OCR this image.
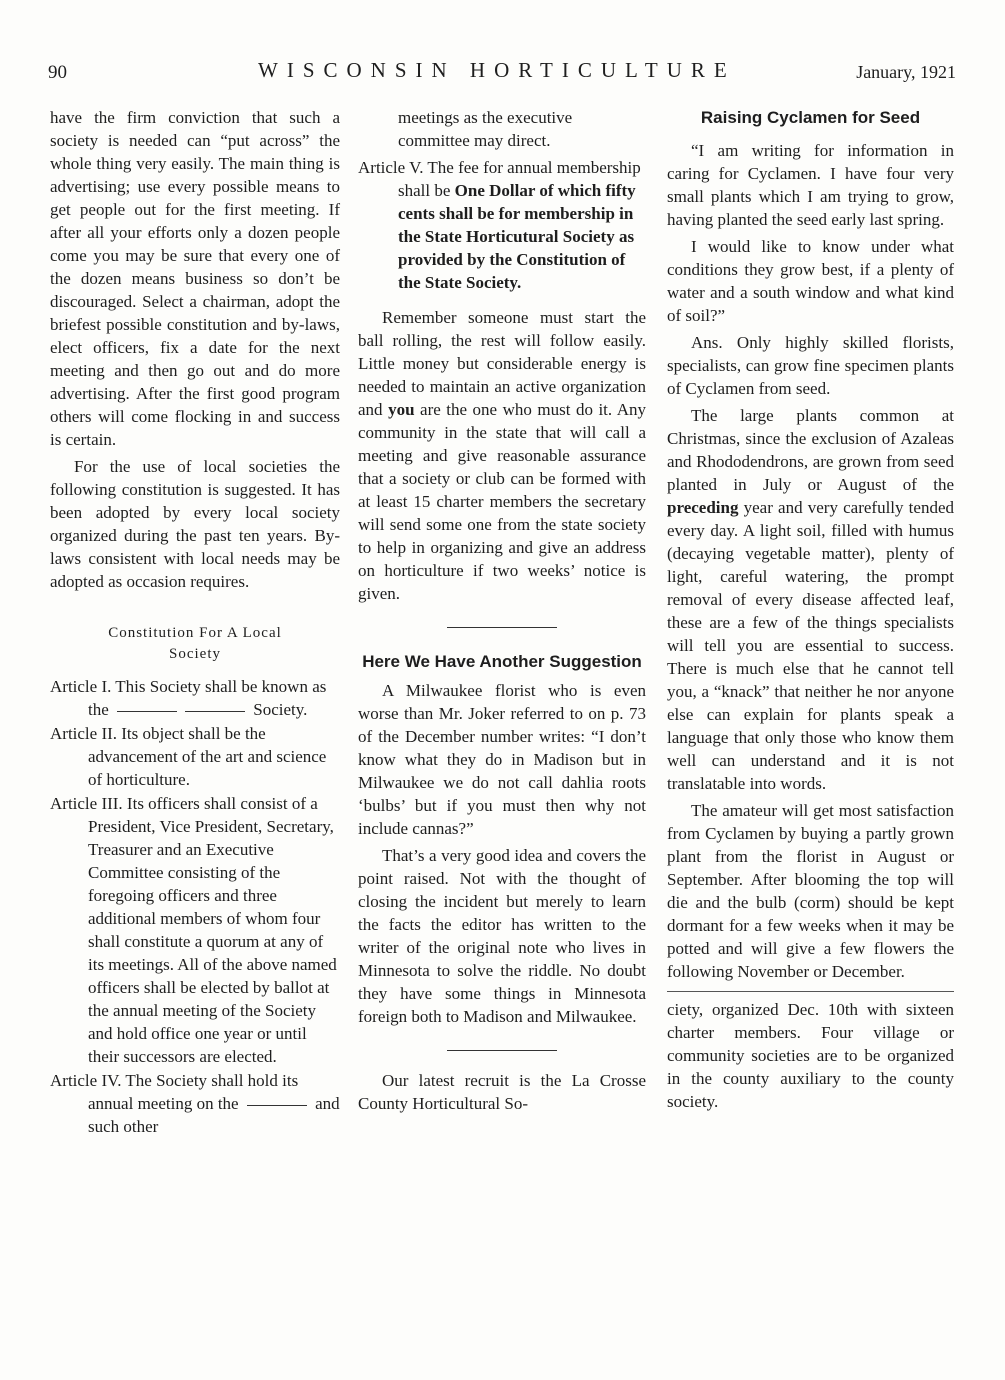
90	WISCONSIN HORTICULTURE	January, 1921

have the firm conviction that such a society is needed can “put across” the whole thing very easily. The main thing is advertising; use every possible means to get people out for the first meeting. If after all your efforts only a dozen people come you may be sure that every one of the dozen means business so don’t be discouraged. Select a chairman, adopt the briefest possible constitution and by-laws, elect officers, fix a date for the next meeting and then go out and do more advertising. After the first good program others will come flocking in and success is certain.

For the use of local societies the following constitution is suggested. It has been adopted by every local society organized during the past ten years. By-laws consistent with local needs may be adopted as occasion requires.

Constitution For A Local
Society

Article I. This Society shall be known as the	Society.

Article II. Its object shall be the advancement of the art and science of horticulture.

Article III. Its officers shall consist of a President, Vice President, Secretary, Treasurer and an Executive Committee consisting of the foregoing officers and three additional members of whom four shall constitute a quorum at any of its meetings. All of the above named officers shall be elected by ballot at the annual meeting of the Society and hold office one year or until their successors are elected.

Article IV. The Society shall hold its annual meeting on the	and such other

meetings as the executive committee may direct.

Article V. The fee for annual membership shall be One Dollar of which fifty cents shall be for membership in the State Horticutural Society as provided by the Constitution of the State Society.

Remember someone must start the ball rolling, the rest will follow easily. Little money but considerable energy is needed to maintain an active organization and you are the one who must do it. Any community in the state that will call a meeting and give reasonable assurance that a society or club can be formed with at least 15 charter members the secretary will send some one from the state society to help in organizing and give an address on horticulture if two weeks’ notice is given.

Here We Have Another Suggestion

A Milwaukee florist who is even worse than Mr. Joker referred to on p. 73 of the December number writes: “I don’t know what they do in Madison but in Milwaukee we do not call dahlia roots ‘bulbs’ but if you must then why not include cannas?”

That’s a very good idea and covers the point raised. Not with the thought of closing the incident but merely to learn the facts the editor has written to the writer of the original note who lives in Minnesota to solve the riddle. No doubt they have some things in Minnesota foreign both to Madison and Milwaukee.

Our latest recruit is the La Crosse County Horticultural So-

Raising Cyclamen for Seed

“I am writing for information in caring for Cyclamen. I have four very small plants which I am trying to grow, having planted the seed early last spring.

I would like to know under what conditions they grow best, if a plenty of water and a south window and what kind of soil?”

Ans. Only highly skilled florists, specialists, can grow fine specimen plants of Cyclamen from seed.

The large plants common at Christmas, since the exclusion of Azaleas and Rhododendrons, are grown from seed planted in July or August of the preceding year and very carefully tended every day. A light soil, filled with humus (decaying vegetable matter), plenty of light, careful watering, the prompt removal of every disease affected leaf, these are a few of the things specialists will tell you are essential to success. There is much else that he cannot tell you, a “knack” that neither he nor anyone else can explain for plants speak a language that only those who know them well can understand and it is not translatable into words.

The amateur will get most satisfaction from Cyclamen by buying a partly grown plant from the florist in August or September. After blooming the top will die and the bulb (corm) should be kept dormant for a few weeks when it may be potted and will give a few flowers the following November or December.

ciety, organized Dec. 10th with sixteen charter members. Four village or community societies are to be organized in the county auxiliary to the county society.
